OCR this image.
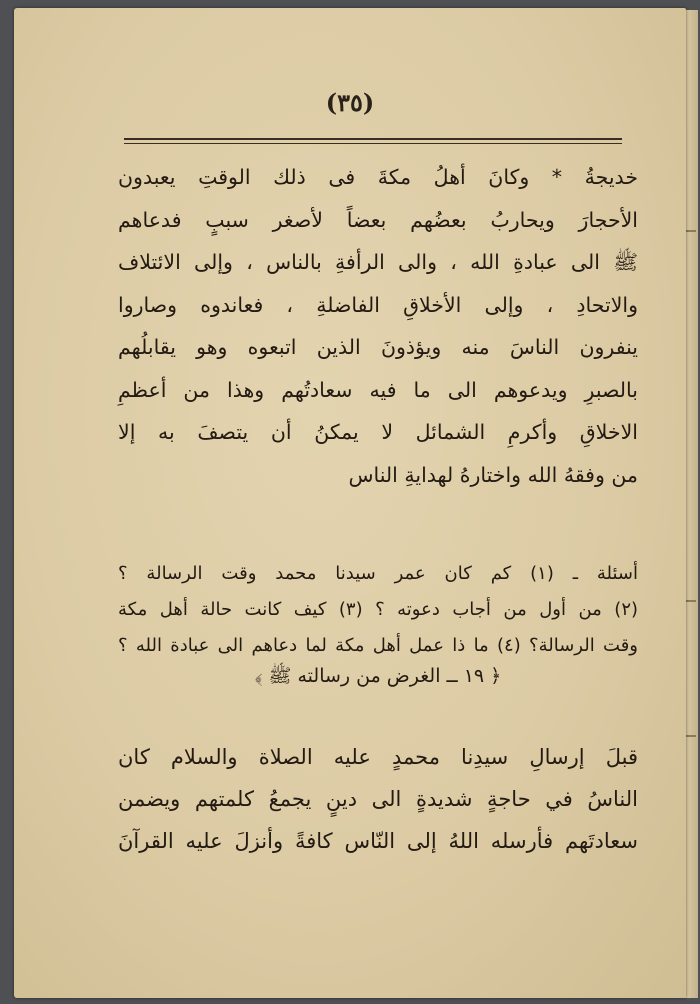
(٣٥)
خديجةُ * وكانَ أهلُ مكةَ فى ذلك الوقتِ يعبدون
الأحجارَ ويحاربُ بعضُهم بعضاً لأصغر سببٍ فدعاهم
ﷺ الى عبادةِ الله ، والى الرأفةِ بالناس ، وإلى الائتلاف
والاتحادِ ، وإلى الأخلاقِ الفاضلةِ ، فعاندوه وصاروا
ينفرون الناسَ منه ويؤذونَ الذين اتبعوه وهو يقابلُهم
بالصبرِ ويدعوهم الى ما فيه سعادتُهم وهذا من أعظمِ
الاخلاقِ وأكرمِ الشمائل لا يمكنُ أن يتصفَ به إلا
من وفقهُ الله واختارهُ لهدايةِ الناس
أسئلة ـ (١) كم كان عمر سيدنا محمد وقت الرسالة ؟
(٢) من أول من أجاب دعوته ؟ (٣) كيف كانت حالة أهل مكة
وقت الرسالة؟ (٤) ما ذا عمل أهل مكة لما دعاهم الى عبادة الله ؟
﴿ ١٩ ــ الغرض من رسالته ﷺ ﴾
قبلَ إرسالِ سيدِنا محمدٍ عليه الصلاة والسلام كان
الناسُ في حاجةٍ شديدةٍ الى دينٍ يجمعُ كلمتهم ويضمن
سعادتَهم فأرسله اللهُ إلى النّاس كافةً وأنزلَ عليه القرآنَ
